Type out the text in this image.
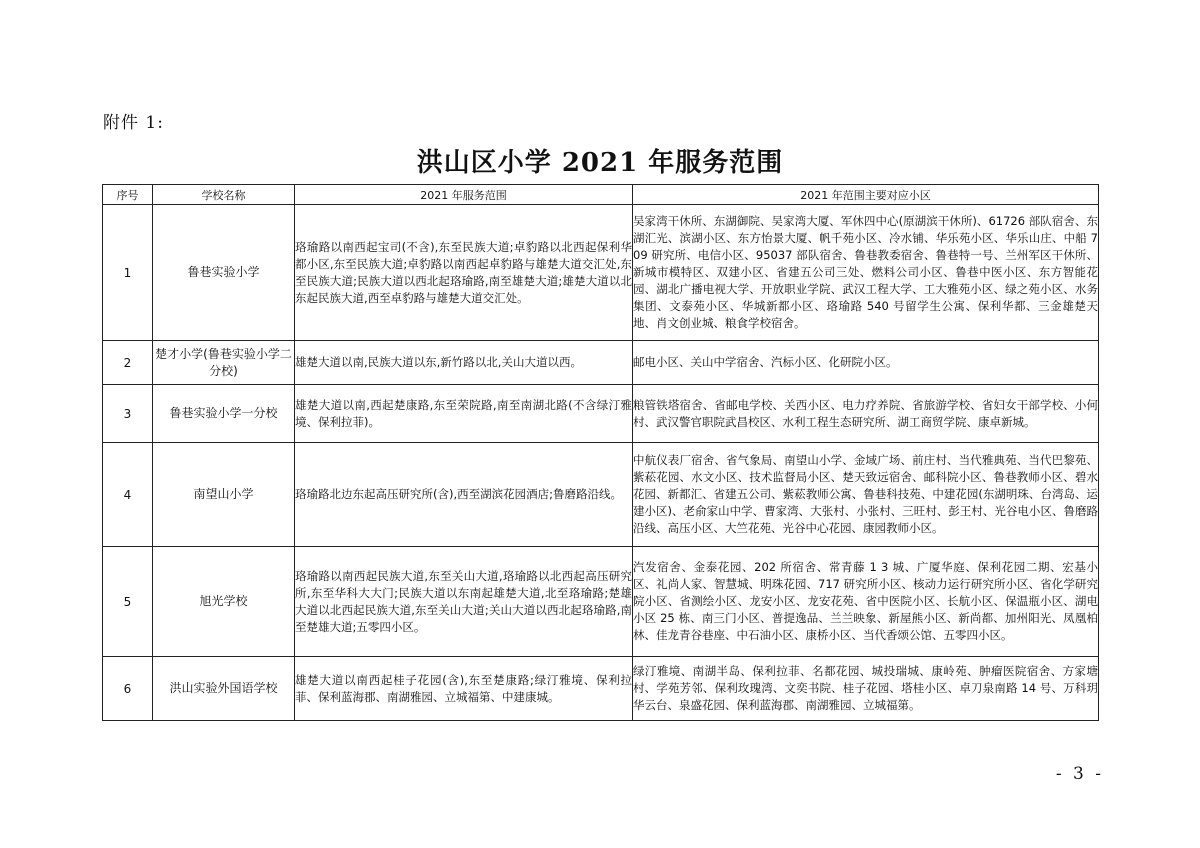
附件 1:
洪山区小学 2021 年服务范围
序号	学校名称	2021 年服务范围	2021 年范围主要对应小区
1	鲁巷实验小学	珞瑜路以南西起宝司(不含),东至民族大道;卓豹路以北西起保利华都小区,东至民族大道;卓豹路以南西起卓豹路与雄楚大道交汇处,东至民族大道;民族大道以西北起珞瑜路,南至雄楚大道;雄楚大道以北东起民族大道,西至卓豹路与雄楚大道交汇处。	吴家湾干休所、东湖御院、吴家湾大厦、军休四中心(原湖滨干休所)、61726 部队宿舍、东湖汇光、滨湖小区、东方怡景大厦、帆千苑小区、冷水铺、华乐苑小区、华乐山庄、中船 709 研究所、电信小区、95037 部队宿舍、鲁巷教委宿舍、鲁巷特一号、兰州军区干休所、新城市模特区、双建小区、省建五公司三处、燃料公司小区、鲁巷中医小区、东方智能花园、湖北广播电视大学、开放职业学院、武汉工程大学、工大雅苑小区、绿之苑小区、水务集团、文泰苑小区、华城新都小区、珞瑜路 540 号留学生公寓、保利华都、三金雄楚天地、肖文创业城、粮食学校宿舍。
2	楚才小学(鲁巷实验小学二分校)	雄楚大道以南,民族大道以东,新竹路以北,关山大道以西。	邮电小区、关山中学宿舍、汽标小区、化研院小区。
3	鲁巷实验小学一分校	雄楚大道以南,西起楚康路,东至荣院路,南至南湖北路(不含绿汀雅境、保利拉菲)。	粮管铁塔宿舍、省邮电学校、关西小区、电力疗养院、省旅游学校、省妇女干部学校、小何村、武汉警官职院武昌校区、水利工程生态研究所、湖工商贸学院、康卓新城。
4	南望山小学	珞瑜路北边东起高压研究所(含),西至湖滨花园酒店;鲁磨路沿线。	中航仪表厂宿舍、省气象局、南望山小学、金域广场、前庄村、当代雅典苑、当代巴黎苑、紫菘花园、水文小区、技术监督局小区、楚天致远宿舍、邮科院小区、鲁巷教师小区、碧水花园、新都汇、省建五公司、紫菘教师公寓、鲁巷科技苑、中建花园(东湖明珠、台湾岛、运建小区)、老俞家山中学、曹家湾、大张村、小张村、三旺村、彭王村、光谷电小区、鲁磨路沿线、高压小区、大竺花苑、光谷中心花园、康园教师小区。
5	旭光学校	珞瑜路以南西起民族大道,东至关山大道,珞瑜路以北西起高压研究所,东至华科大大门;民族大道以东南起雄楚大道,北至珞瑜路;楚雄大道以北西起民族大道,东至关山大道;关山大道以西北起珞瑜路,南至楚雄大道;五零四小区。	汽发宿舍、金泰花园、202 所宿舍、常青藤 1 3 城、广厦华庭、保利花园二期、宏基小区、礼尚人家、智慧城、明珠花园、717 研究所小区、核动力运行研究所小区、省化学研究院小区、省测绘小区、龙安小区、龙安花苑、省中医院小区、长航小区、保温瓶小区、湖电小区 25 栋、南三门小区、普提逸品、兰兰映象、新屋熊小区、新尚都、加州阳光、凤凰柏林、佳龙青谷巷座、中石油小区、康桥小区、当代香颂公馆、五零四小区。
6	洪山实验外国语学校	雄楚大道以南西起桂子花园(含),东至楚康路;绿汀雅境、保利拉菲、保利蓝海郡、南湖雅园、立城福第、中建康城。	绿汀雅境、南湖半岛、保利拉菲、名都花园、城投瑞城、康岭苑、肿瘤医院宿舍、方家塘村、学苑芳邻、保利玫瑰湾、文奕书院、桂子花园、塔桂小区、卓刀泉南路 14 号、万科玥华云台、泉盛花园、保利蓝海郡、南湖雅园、立城福第。
- 3 -
